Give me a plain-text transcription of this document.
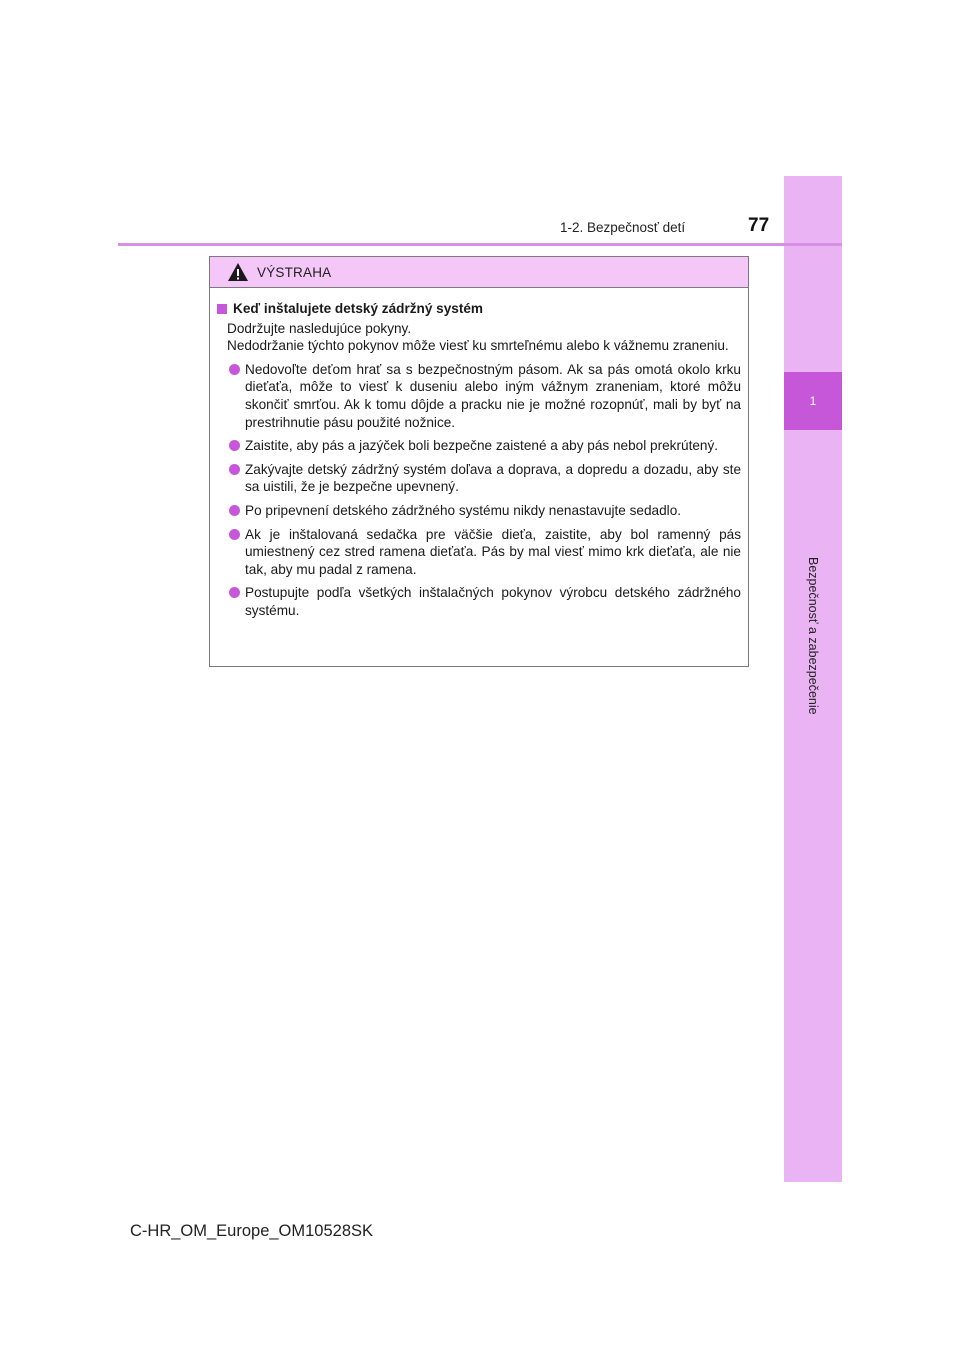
1
Bezpečnosť a zabezpečenie
1-2. Bezpečnosť detí	77
VÝSTRAHA
Keď inštalujete detský zádržný systém
Dodržujte nasledujúce pokyny.
Nedodržanie týchto pokynov môže viesť ku smrteľnému alebo k vážnemu zraneniu.
Nedovoľte deťom hrať sa s bezpečnostným pásom. Ak sa pás omotá okolo krku dieťaťa, môže to viesť k duseniu alebo iným vážnym zraneniam, ktoré môžu skončiť smrťou. Ak k tomu dôjde a pracku nie je možné rozopnúť, mali by byť na prestrihnutie pásu použité nožnice.
Zaistite, aby pás a jazýček boli bezpečne zaistené a aby pás nebol prekrútený.
Zakývajte detský zádržný systém doľava a doprava, a dopredu a dozadu, aby ste sa uistili, že je bezpečne upevnený.
Po pripevnení detského zádržného systému nikdy nenastavujte sedadlo.
Ak je inštalovaná sedačka pre väčšie dieťa, zaistite, aby bol ramenný pás umiestnený cez stred ramena dieťaťa. Pás by mal viesť mimo krk dieťaťa, ale nie tak, aby mu padal z ramena.
Postupujte podľa všetkých inštalačných pokynov výrobcu detského zádržného systému.
C-HR_OM_Europe_OM10528SK
